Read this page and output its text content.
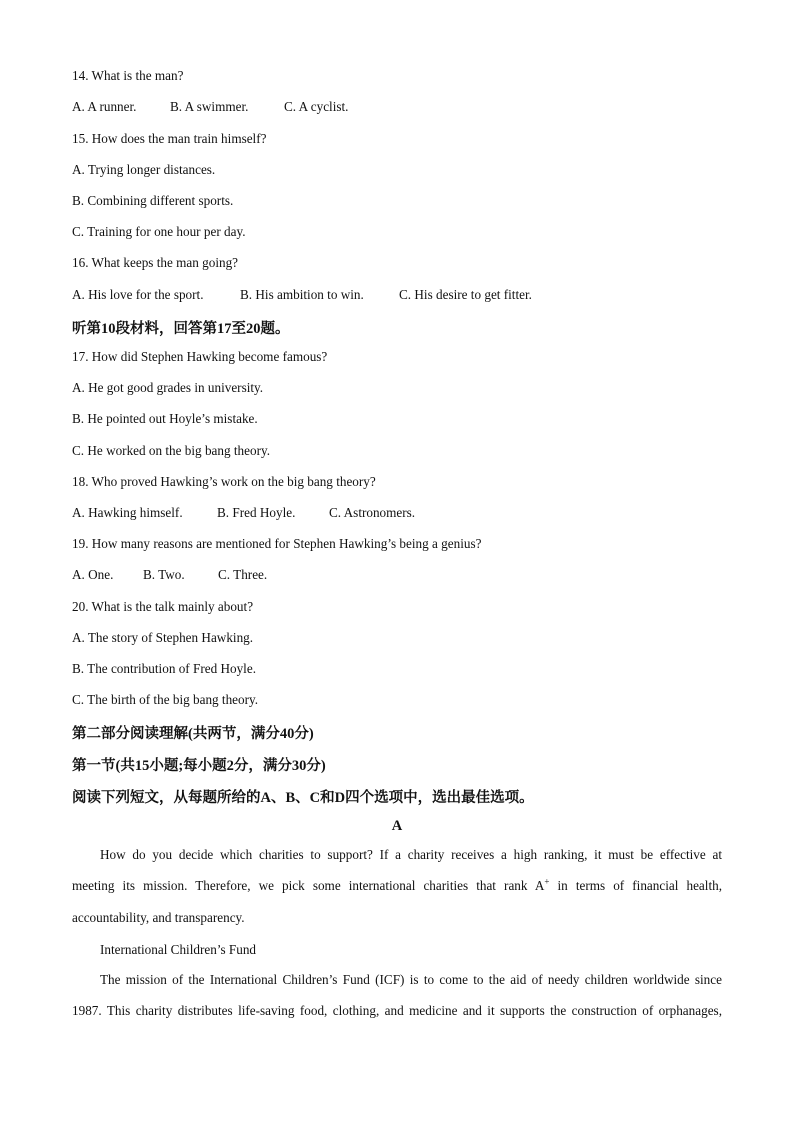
14. What is the man?
A. A runner.	B. A swimmer.	C. A cyclist.
15. How does the man train himself?
A. Trying longer distances.
B. Combining different sports.
C. Training for one hour per day.
16. What keeps the man going?
A. His love for the sport.	B. His ambition to win.	C. His desire to get fitter.
听第10段材料，回答第17至20题。
17. How did Stephen Hawking become famous?
A. He got good grades in university.
B. He pointed out Hoyle’s mistake.
C. He worked on the big bang theory.
18. Who proved Hawking’s work on the big bang theory?
A. Hawking himself.	B. Fred Hoyle.	C. Astronomers.
19. How many reasons are mentioned for Stephen Hawking’s being a genius?
A. One. B. Two.	C. Three.
20. What is the talk mainly about?
A. The story of Stephen Hawking.
B. The contribution of Fred Hoyle.
C. The birth of the big bang theory.
第二部分阅读理解(共两节，满分40分)
第一节(共15小题;每小题2分，满分30分)
阅读下列短文，从每题所给的A、B、C和D四个选项中，选出最佳选项。
A
How do you decide which charities to support? If a charity receives a high ranking, it must be effective at
meeting its mission. Therefore, we pick some international charities that rank A+ in terms of financial health,
accountability, and transparency.
International Children’s Fund
The mission of the International Children’s Fund (ICF) is to come to the aid of needy children worldwide since
1987. This charity distributes life-saving food, clothing, and medicine and it supports the construction of orphanages,
